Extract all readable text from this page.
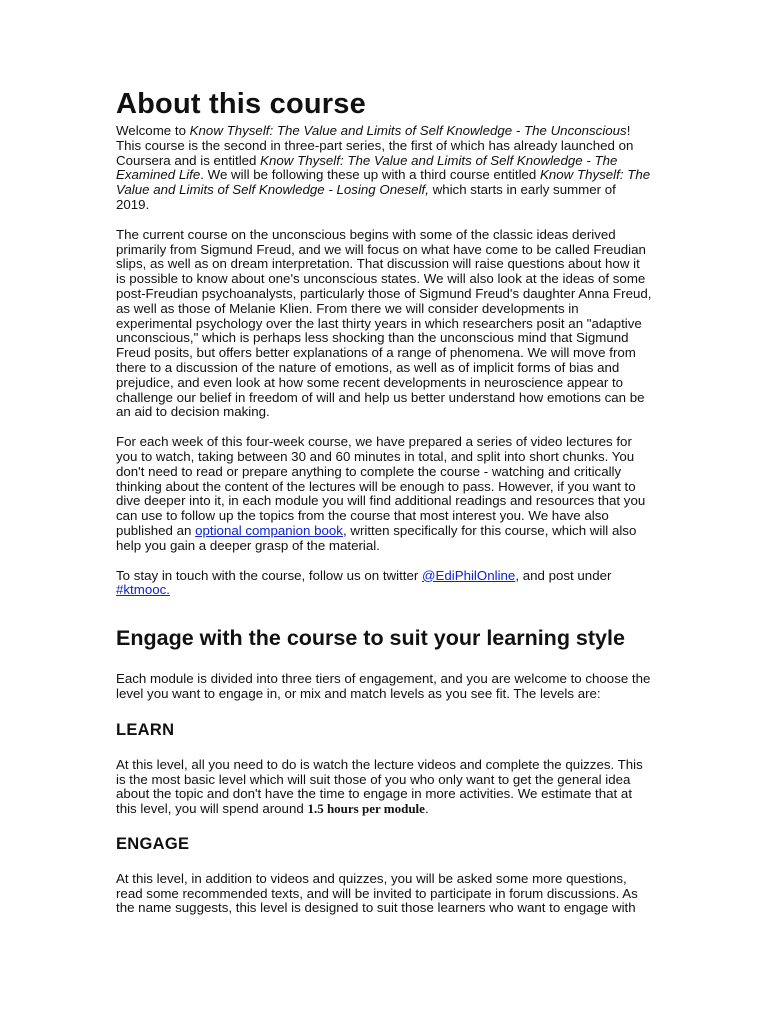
About this course

Welcome to Know Thyself: The Value and Limits of Self Knowledge - The Unconscious! This course is the second in three-part series, the first of which has already launched on Coursera and is entitled Know Thyself: The Value and Limits of Self Knowledge - The Examined Life. We will be following these up with a third course entitled Know Thyself: The Value and Limits of Self Knowledge - Losing Oneself, which starts in early summer of 2019.

The current course on the unconscious begins with some of the classic ideas derived primarily from Sigmund Freud, and we will focus on what have come to be called Freudian slips, as well as on dream interpretation. That discussion will raise questions about how it is possible to know about one's unconscious states. We will also look at the ideas of some post-Freudian psychoanalysts, particularly those of Sigmund Freud's daughter Anna Freud, as well as those of Melanie Klien. From there we will consider developments in experimental psychology over the last thirty years in which researchers posit an "adaptive unconscious," which is perhaps less shocking than the unconscious mind that Sigmund Freud posits, but offers better explanations of a range of phenomena. We will move from there to a discussion of the nature of emotions, as well as of implicit forms of bias and prejudice, and even look at how some recent developments in neuroscience appear to challenge our belief in freedom of will and help us better understand how emotions can be an aid to decision making.

For each week of this four-week course, we have prepared a series of video lectures for you to watch, taking between 30 and 60 minutes in total, and split into short chunks. You don't need to read or prepare anything to complete the course - watching and critically thinking about the content of the lectures will be enough to pass. However, if you want to dive deeper into it, in each module you will find additional readings and resources that you can use to follow up the topics from the course that most interest you. We have also published an optional companion book, written specifically for this course, which will also help you gain a deeper grasp of the material.

To stay in touch with the course, follow us on twitter @EdiPhilOnline, and post under #ktmooc.

Engage with the course to suit your learning style

Each module is divided into three tiers of engagement, and you are welcome to choose the level you want to engage in, or mix and match levels as you see fit. The levels are:

LEARN

At this level, all you need to do is watch the lecture videos and complete the quizzes. This is the most basic level which will suit those of you who only want to get the general idea about the topic and don't have the time to engage in more activities. We estimate that at this level, you will spend around 1.5 hours per module.

ENGAGE

At this level, in addition to videos and quizzes, you will be asked some more questions, read some recommended texts, and will be invited to participate in forum discussions. As the name suggests, this level is designed to suit those learners who want to engage with
